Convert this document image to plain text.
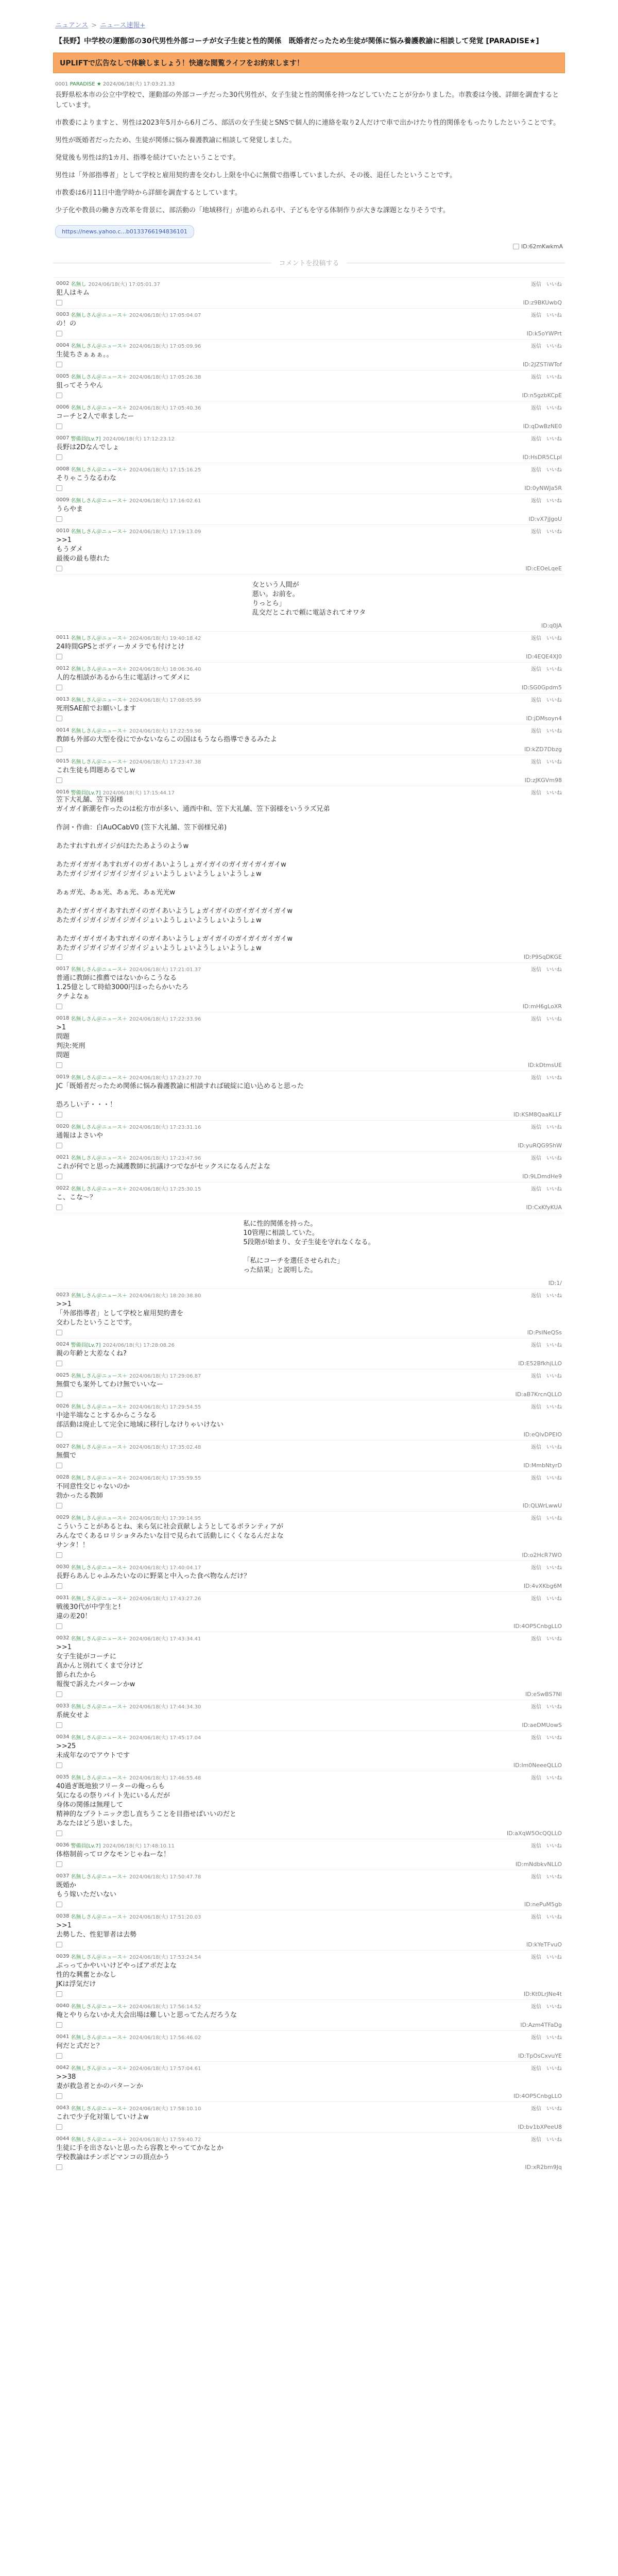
ニュアンス > ニュース速報+
【長野】中学校の運動部の30代男性外部コーチが女子生徒と性的関係　既婚者だったため生徒が関係に悩み養護教諭に相談して発覚 [PARADISE★]
UPLIFTで広告なしで体験しましょう！快適な閲覧ライフをお約束します！
0001 PARADISE ★ 2024/06/18(火) 17:03:21.33

長野県松本市の公立中学校で、運動部の外部コーチだった30代男性が、女子生徒と性的関係を持つなどしていたことが分かりました。市教委は今後、詳細を調査するとしています。

市教委によりますと、男性は2023年5月から6月ごろ、部活の女子生徒とSNSで個人的に連絡を取り2人だけで車で出かけたり性的関係をもったりしたということです。

男性が既婚者だったため、生徒が関係に悩み養護教諭に相談して発覚しました。

発覚後も男性は約1カ月、指導を続けていたということです。

男性は「外部指導者」として学校と雇用契約書を交わし上限を中心に無償で指導していましたが、その後、退任したということです。

市教委は6月11日中進学時から詳細を調査するとしています。

少子化や教員の働き方改革を背景に、部活動の「地域移行」が進められる中、子どもを守る体制作りが大きな課題となりそうです。

https://news.yahoo.c...b0133766194836101
ID:62mKwkmA
コメントを投稿する
0002 名無し 2024/06/18(火) 17:05:01.37	返信 いいね
犯人はキム
ID:z9BKUwbQ
0003 名無しさん＠ニュース＋ 2024/06/18(火) 17:05:04.07	返信 いいね
の！の
ID:k5oYWPrt
0004 名無しさん＠ニュース＋ 2024/06/18(火) 17:05:09.96	返信 いいね
生徒ちさぁぁぁ。。
ID:2JZSTiWTof
0005 名無しさん＠ニュース＋ 2024/06/18(火) 17:05:26.38	返信 いいね
狙ってそうやん
ID:n5gzbKCpE
0006 名無しさん＠ニュース＋ 2024/06/18(火) 17:05:40.36	返信 いいね
コーチと2人で車ましたー
ID:qDwBzNE0
0007 警備員[Lv.7] 2024/06/18(火) 17:12:23.12	返信 いいね
長野は2Dなんでしょ
ID:HsDR5CLpl
0008 名無しさん＠ニュース＋ 2024/06/18(火) 17:15:16.25	返信 いいね
そりゃこうなるわな
ID:0yNWJa5R
0009 名無しさん＠ニュース＋ 2024/06/18(火) 17:16:02.61	返信 いいね
うらやま
ID:vX7jJgoU
0010 名無しさん＠ニュース＋ 2024/06/18(火) 17:19:13.09	返信 いいね
>>1
もうダメ
最後の最も堕れた
ID:cEOeLqeE
女という人間が
悪い。お前を。
りっとら」
乱交だとこれで頼に電話されてオワタ
ID:q0JA
0011 名無しさん＠ニュース＋ 2024/06/18(火) 19:40:18.42	返信 いいね
24時間GPSとボディーカメラでも付けとけ
ID:4EQE4XJ0
0012 名無しさん＠ニュース＋ 2024/06/18(火) 18:06:36.40	返信 いいね
人的な相談があるから生に電話けってダメに
ID:SG0Gpdm5
0013 名無しさん＠ニュース＋ 2024/06/18(火) 17:08:05.99	返信 いいね
死刑SAE館でお願いします
ID:jDMsoyn4
0014 名無しさん＠ニュース＋ 2024/06/18(火) 17:22:59.98	返信 いいね
教師も外部の大型を役にでかないならこの国はもうなら指導できるみたよ
ID:kZD7Dbzg
0015 名無しさん＠ニュース＋ 2024/06/18(火) 17:23:47.38	返信 いいね
これ生徒も問題あるでしw
ID:zJKGVm98
0016 警備員[Lv.7] 2024/06/18(火) 17:15:44.17	返信 いいね
笠下大礼舗、笠下弱様
ガイガイ新潮を作ったのは松方市が多い、通西中和、笠下大礼舗、笠下弱様をいうラズ兄弟

作詞・作曲：白AuOCabV0 (笠下大礼舗、笠下弱様兄弟)

あたすれすれガイジがほたたあようのようw

あたガイガガイあすれガイのガイあいようしょガイガイのガイガイガイガイw
あたガイジガイジガイジガイジょいようしょいようしょいようしょw

あぁガ光、あぁ光、あぁ光、あぁ光光w

あたガイガイガイあすれガイのガイあいようしょガイガイのガイガイガイガイw
あたガイジガイジガイジガイジょいようしょいようしょいようしょw

あたガイガイガイあすれガイのガイあいようしょガイガイのガイガイガイガイw
あたガイジガイジガイジガイジょいようしょいようしょいようしょw
ID:P9SqDKGE
0017 名無しさん＠ニュース＋ 2024/06/18(火) 17:21:01.37	返信 いいね
普通に教師に推薦ではないからこうなる
1.25億として時給3000円ほったらかいたろ
クチよなぁ
ID:mH6gLoXR
0018 名無しさん＠ニュース＋ 2024/06/18(火) 17:22:33.96	返信 いいね
>1
問題
判決:死刑
問題
ID:kDtmsUE
0019 名無しさん＠ニュース＋ 2024/06/18(火) 17:23:27.70	返信 いいね
JC「既婚者だったため関係に悩み養護教諭に相談すれば破綻に追い込めると思った

恐ろしい子・・・！
ID:KSM8QaaKLLF
0020 名無しさん＠ニュース＋ 2024/06/18(火) 17:23:31.16	返信 いいね
通報はよさいや
ID:yuRQG9ShW
0021 名無しさん＠ニュース＋ 2024/06/18(火) 17:23:47.96	返信 いいね
これが何でと思った減護教師に抗議けつでながセックスになるんだよな
ID:9LDmdHe9
0022 名無しさん＠ニュース＋ 2024/06/18(火) 17:25:30.15	返信 いいね
こ、こな～？
ID:CxKfyKUA
私に性的関係を持った。
10管理に相談していた。
5段階が始まり、女子生徒を守れなくなる。

「私にコーチを選任させられた」
った結果」と説明した。
ID:1/
0023 名無しさん＠ニュース＋ 2024/06/18(火) 18:20:38.80	返信 いいね
>>1
「外部指導者」として学校と雇用契約書を
交わしたということです。
ID:PsINeQSs
0024 警備員[Lv.7] 2024/06/18(火) 17:28:08.26	返信 いいね
親の年齢と大差なくね?
ID:E52BfkhjLLO
0025 名無しさん＠ニュース＋ 2024/06/18(火) 17:29:06.87	返信 いいね
無償でも案外してわけ無でいいなー
ID:aB7KrcnQLLO
0026 名無しさん＠ニュース＋ 2024/06/18(火) 17:29:54.55	返信 いいね
中途半端なことするからこうなる
部活動は廃止して完全に地域に移行しなけりゃいけない
ID:eQlvDPEIO
0027 名無しさん＠ニュース＋ 2024/06/18(火) 17:35:02.48	返信 いいね
無償で
ID:MmbNtyrD
0028 名無しさん＠ニュース＋ 2024/06/18(火) 17:35:59.55	返信 いいね
不同意性交じゃないのか
勃かったる教師
ID:QLWrLwwU
0029 名無しさん＠ニュース＋ 2024/06/18(火) 17:39:14.95	返信 いいね
こういうことがあるとね、来ら気に社会貢献しようとしてるボランティアが
みんなでくあるロリショタみたいな目で見られて活動しにくくなるんだよな
サンタ！！
ID:o2HcR7WO
0030 名無しさん＠ニュース＋ 2024/06/18(火) 17:40:04.17	返信 いいね
長野らあんじゃふみたいなのに野菜と中入った食べ物なんだけ？
ID:4vXKbg6M
0031 名無しさん＠ニュース＋ 2024/06/18(火) 17:43:27.26	返信 いいね
戦後30代が中学生と!
違の差20！
ID:4OP5CnbgLLO
0032 名無しさん＠ニュース＋ 2024/06/18(火) 17:43:34.41	返信 いいね
>>1
女子生徒がコーチに
真かんと別れてくまで分けど
節られたから
報復で訴えたパターンかw
ID:eSwBS7NI
0033 名無しさん＠ニュース＋ 2024/06/18(火) 17:44:34.30	返信 いいね
系統女せよ
ID:aeDMUowS
0034 名無しさん＠ニュース＋ 2024/06/18(火) 17:45:17.04	返信 いいね
>>25
未成年なのでアウトです
ID:Im0NeeeQLLO
0035 名無しさん＠ニュース＋ 2024/06/18(火) 17:46:55.48	返信 いいね
40過ぎ既地独フリーターの俺っらも
気になるの祭りバイト先にいるんだが
身体の関係は無理して
精神的なプラトニック恋し直ちうことを目指せばいいのだと
あなたはどう思いました。
ID:aXqW5OcQQLLO
0036 警備員[Lv.7] 2024/06/18(火) 17:48:10.11	返信 いいね
体格制前ってロクなモンじゃねーな！
ID:mNdbkvNLLO
0037 名無しさん＠ニュース＋ 2024/06/18(火) 17:50:47.78	返信 いいね
既婚か
もう嫁いただいない
ID:nePuM5gb
0038 名無しさん＠ニュース＋ 2024/06/18(火) 17:51:20.03	返信 いいね
>>1
去勢した、性犯罪者は去勢
ID:kYeTFvuO
0039 名無しさん＠ニュース＋ 2024/06/18(火) 17:53:24.54	返信 いいね
ぶっってかやいいけどやっぱアポだよな
性的な興奮とかなし
JKは浮気だけ
ID:Kt0LrJNe4t
0040 名無しさん＠ニュース＋ 2024/06/18(火) 17:56:14.52	返信 いいね
俺とやりらないかえ大会出場は難しいと思ってたんだろうな
ID:Azm4TFaDg
0041 名無しさん＠ニュース＋ 2024/06/18(火) 17:56:46.02	返信 いいね
何だと式だと？
ID:TpOsCxvuYE
0042 名無しさん＠ニュース＋ 2024/06/18(火) 17:57:04.61	返信 いいね
>>38
妻が救急者とかのパターンか
ID:4OP5CnbgLLO
0043 名無しさん＠ニュース＋ 2024/06/18(火) 17:58:10.10	返信 いいね
これで少子化対策していけよw
ID:bv1bXPeeU8
0044 名無しさん＠ニュース＋ 2024/06/18(火) 17:59:40.72	返信 いいね
生徒に手を出さないと思ったら容教とやっててかなとか
学校教論はチンポどマンコの頂点かう
ID:xR2bm9Jq
